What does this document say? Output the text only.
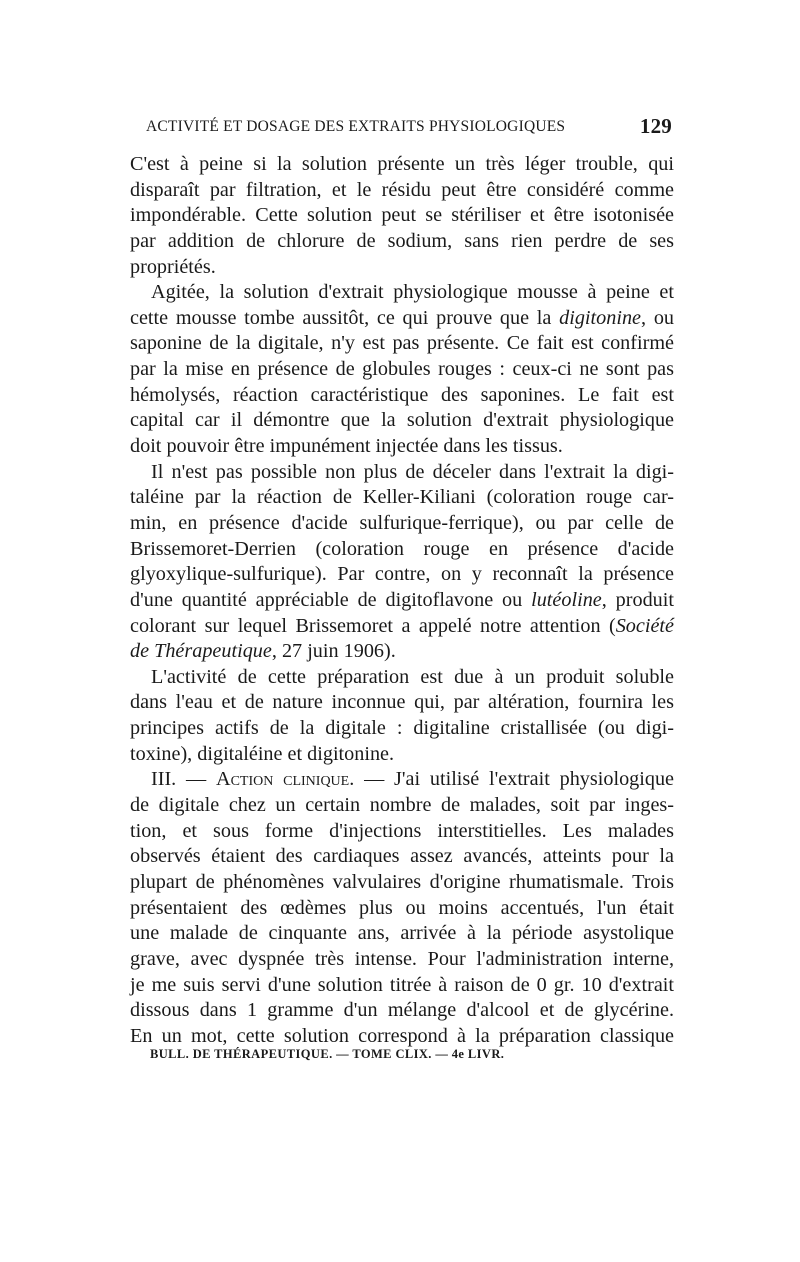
ACTIVITÉ ET DOSAGE DES EXTRAITS PHYSIOLOGIQUES	129
C'est à peine si la solution présente un très léger trouble, qui
disparaît par filtration, et le résidu peut être considéré comme
impondérable. Cette solution peut se stériliser et être isotonisée
par addition de chlorure de sodium, sans rien perdre de ses
propriétés.
Agitée, la solution d'extrait physiologique mousse à peine et
cette mousse tombe aussitôt, ce qui prouve que la digitonine, ou
saponine de la digitale, n'y est pas présente. Ce fait est confirmé
par la mise en présence de globules rouges : ceux-ci ne sont pas
hémolysés, réaction caractéristique des saponines. Le fait est
capital car il démontre que la solution d'extrait physiologique
doit pouvoir être impunément injectée dans les tissus.
Il n'est pas possible non plus de déceler dans l'extrait la digi-
taléine par la réaction de Keller-Kiliani (coloration rouge car-
min, en présence d'acide sulfurique-ferrique), ou par celle de
Brissemoret-Derrien (coloration rouge en présence d'acide
glyoxylique-sulfurique). Par contre, on y reconnaît la présence
d'une quantité appréciable de digitoflavone ou lutéoline, produit
colorant sur lequel Brissemoret a appelé notre attention (Société
de Thérapeutique, 27 juin 1906).
L'activité de cette préparation est due à un produit soluble
dans l'eau et de nature inconnue qui, par altération, fournira les
principes actifs de la digitale : digitaline cristallisée (ou digi-
toxine), digitaléine et digitonine.
III. — Action clinique. — J'ai utilisé l'extrait physiologique
de digitale chez un certain nombre de malades, soit par inges-
tion, et sous forme d'injections interstitielles. Les malades
observés étaient des cardiaques assez avancés, atteints pour la
plupart de phénomènes valvulaires d'origine rhumatismale. Trois
présentaient des œdèmes plus ou moins accentués, l'un était
une malade de cinquante ans, arrivée à la période asystolique
grave, avec dyspnée très intense. Pour l'administration interne,
je me suis servi d'une solution titrée à raison de 0 gr. 10 d'extrait
dissous dans 1 gramme d'un mélange d'alcool et de glycérine.
En un mot, cette solution correspond à la préparation classique
BULL. DE THÉRAPEUTIQUE. — TOME CLIX. — 4e LIVR.
